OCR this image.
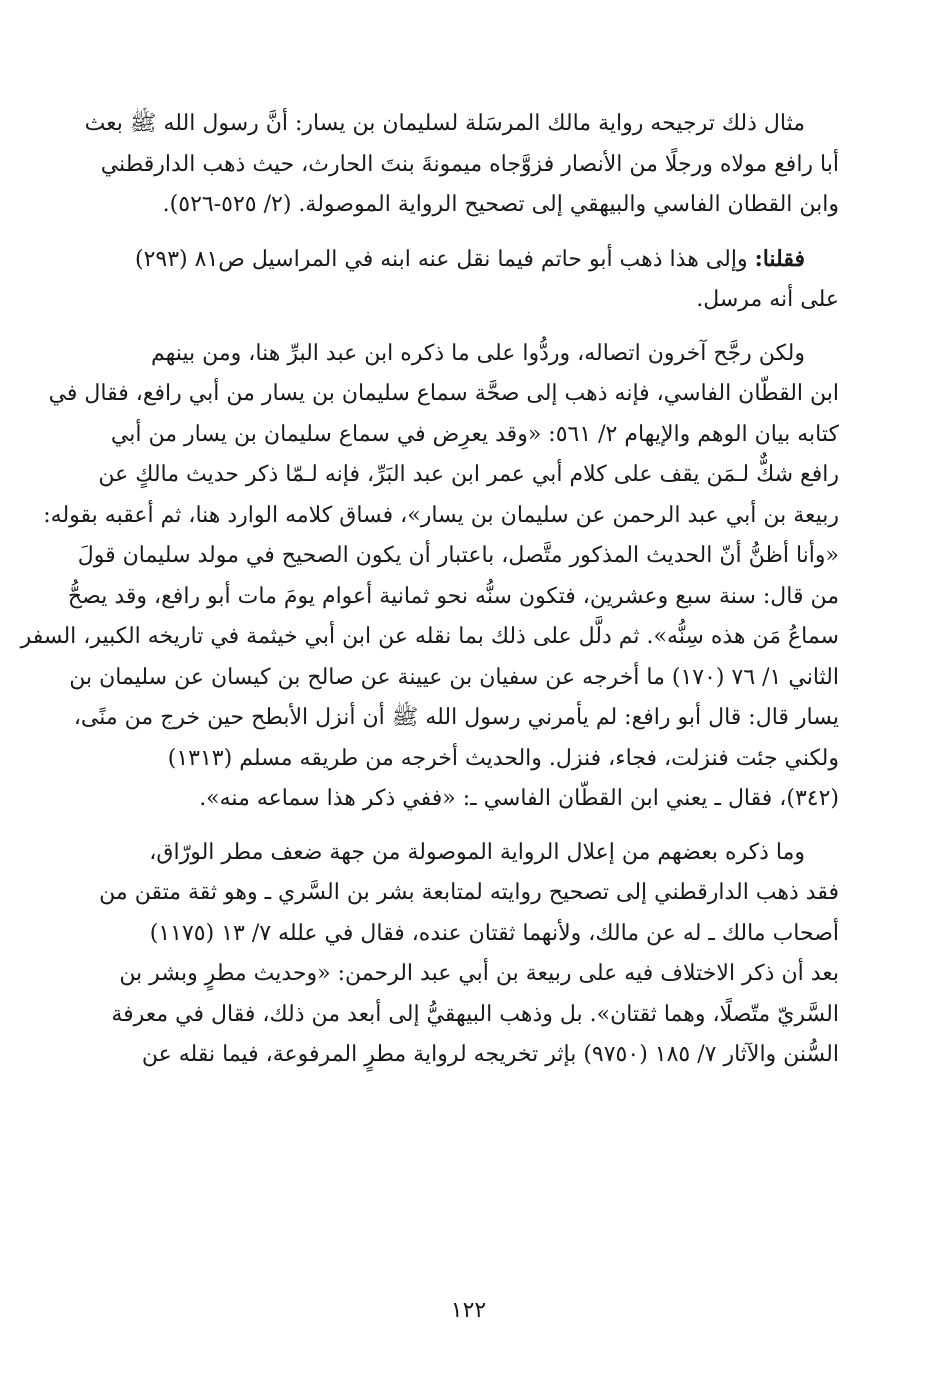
مثال ذلك ترجيحه رواية مالك المرسَلة لسليمان بن يسار: أنَّ رسول الله ﷺ بعث
أبا رافع مولاه ورجلًا من الأنصار فزوَّجاه ميمونةَ بنتَ الحارث، حيث ذهب الدارقطني
وابن القطان الفاسي والبيهقي إلى تصحيح الرواية الموصولة. (٢/ ٥٢٥-٥٢٦).
فقلنا: وإلى هذا ذهب أبو حاتم فيما نقل عنه ابنه في المراسيل ص٨١ (٢٩٣)
على أنه مرسل.
ولكن رجَّح آخرون اتصاله، وردُّوا على ما ذكره ابن عبد البرِّ هنا، ومن بينهم
ابن القطّان الفاسي، فإنه ذهب إلى صحَّة سماع سليمان بن يسار من أبي رافع، فقال في
كتابه بيان الوهم والإيهام ٢/ ٥٦١: «وقد يعرِض في سماع سليمان بن يسار من أبي
رافع شكٌّ لـمَن يقف على كلام أبي عمر ابن عبد البَرِّ، فإنه لـمّا ذكر حديث مالكٍ عن
ربيعة بن أبي عبد الرحمن عن سليمان بن يسار»، فساق كلامه الوارد هنا، ثم أعقبه بقوله:
«وأنا أظنُّ أنّ الحديث المذكور متَّصل، باعتبار أن يكون الصحيح في مولد سليمان قولَ
من قال: سنة سبع وعشرين، فتكون سنُّه نحو ثمانية أعوام يومَ مات أبو رافع، وقد يصحُّ
سماعُ مَن هذه سِنُّه». ثم دلَّل على ذلك بما نقله عن ابن أبي خيثمة في تاريخه الكبير، السفر
الثاني ١/ ٧٦ (١٧٠) ما أخرجه عن سفيان بن عيينة عن صالح بن كيسان عن سليمان بن
يسار قال: قال أبو رافع: لم يأمرني رسول الله ﷺ أن أنزل الأبطح حين خرج من منًى،
ولكني جئت فنزلت، فجاء، فنزل. والحديث أخرجه من طريقه مسلم (١٣١٣)
(٣٤٢)، فقال ـ يعني ابن القطّان الفاسي ـ: «ففي ذكر هذا سماعه منه».
وما ذكره بعضهم من إعلال الرواية الموصولة من جهة ضعف مطر الورّاق،
فقد ذهب الدارقطني إلى تصحيح روايته لمتابعة بشر بن السَّري ـ وهو ثقة متقن من
أصحاب مالك ـ له عن مالك، ولأنهما ثقتان عنده، فقال في علله ٧/ ١٣ (١١٧٥)
بعد أن ذكر الاختلاف فيه على ربيعة بن أبي عبد الرحمن: «وحديث مطرٍ وبشر بن
السَّريّ متّصلًا، وهما ثقتان». بل وذهب البيهقيُّ إلى أبعد من ذلك، فقال في معرفة
السُّنن والآثار ٧/ ١٨٥ (٩٧٥٠) بإثر تخريجه لرواية مطرٍ المرفوعة، فيما نقله عن
١٢٢
